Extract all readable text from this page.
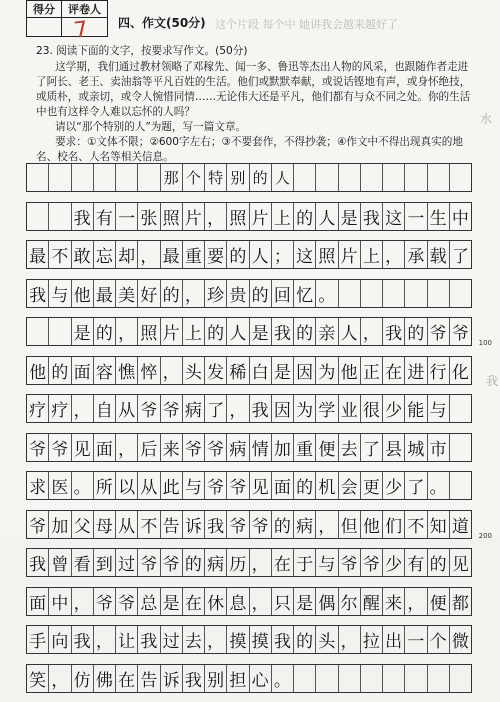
得分	评卷人

7 四、作文(50分) 这个片段 每个中 她讲我会越来越好了
23. 阅读下面的文字，按要求写作文。(50分)
这学期，我们通过教材领略了邓稼先、闻一多、鲁迅等杰出人物的风采，也跟随作者走进了阿长、老王、卖油翁等平凡百姓的生活。他们或默默奉献，或说话铿地有声，或身怀绝技，或质朴，或亲切，或令人惋惜同情……无论伟大还是平凡，他们都有与众不同之处。你的生活中也有这样令人难以忘怀的人吗？
请以“那个特别的人”为题，写一篇文章。
要求：①文体不限；②600字左右；③不要套作，不得抄袭；④作文中不得出现真实的地名、校名、人名等相关信息。
那 个 特 别 的 人
我 有 一 张 照 片 ， 照 片 上 的 人 是 我 这 一 生 中
最 不 敢 忘 却 ， 最 重 要 的 人 ； 这 照 片 上 ， 承 载 了
我 与 他 最 美 好 的 ， 珍 贵 的 回 忆 。
是 的 ， 照 片 上 的 人 是 我 的 亲 人 ， 我 的 爷 爷	100
他 的 面 容 憔 悴 ， 头 发 稀 白 是 因 为 他 正 在 进 行 化
疗 疗 ， 自 从 爷 爷 病 了 ， 我 因 为 学 业 很 少 能 与
爷 爷 见 面 ， 后 来 爷 爷 病 情 加 重 便 去 了 县 城 市
求 医 。 所 以 从 此 与 爷 爷 见 面 的 机 会 更 少 了 。
爷 加 父 母 从 不 告 诉 我 爷 爷 的 病 ， 但 他 们 不 知 道	200
我 曾 看 到 过 爷 爷 的 病 历 ， 在 于 与 爷 爷 少 有 的 见
面 中 ， 爷 爷 总 是 在 休 息 ， 只 是 偶 尔 醒 来 ， 便 都
手 向 我 ， 让 我 过 去 ， 摸 摸 我 的 头 ， 拉 出 一 个 微
笑 ， 仿 佛 在 告 诉 我 别 担 心 。
水
我
